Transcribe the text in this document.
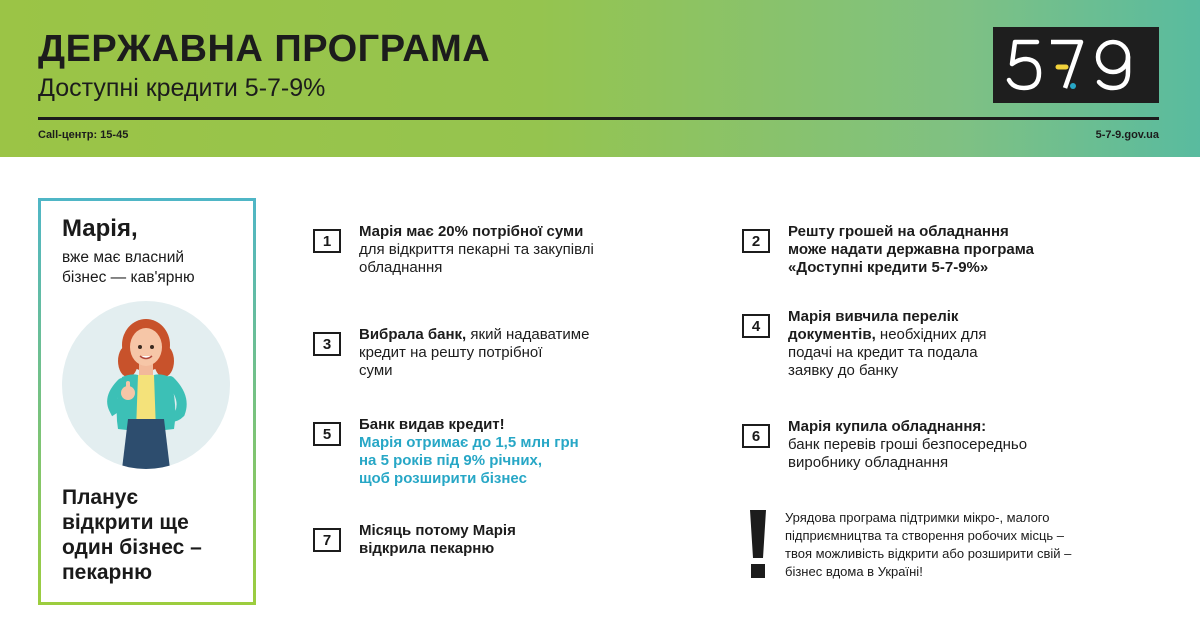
ДЕРЖАВНА ПРОГРАМА
Доступні кредити 5-7-9%
Call-центр: 15-45	5-7-9.gov.ua
Марія,
вже має власний
бізнес — кав'ярню
Планує
відкрити ще
один бізнес –
пекарню
1
Марія має 20% потрібної суми
для відкриття пекарні та закупівлі
обладнання
2
Решту грошей на обладнання
може надати державна програма
«Доступні кредити 5-7-9%»
3
Вибрала банк, який надаватиме
кредит на решту потрібної
суми
4
Марія вивчила перелік
документів, необхідних для
подачі на кредит та подала
заявку до банку
5
Банк видав кредит!
Марія отримає до 1,5 млн грн
на 5 років під 9% річних,
щоб розширити бізнес
6
Марія купила обладнання:
банк перевів гроші безпосередньо
виробнику обладнання
7
Місяць потому Марія
відкрила пекарню
Урядова програма підтримки мікро-, малого
підприємництва та створення робочих місць –
твоя можливість відкрити або розширити свій –
бізнес вдома в Україні!
